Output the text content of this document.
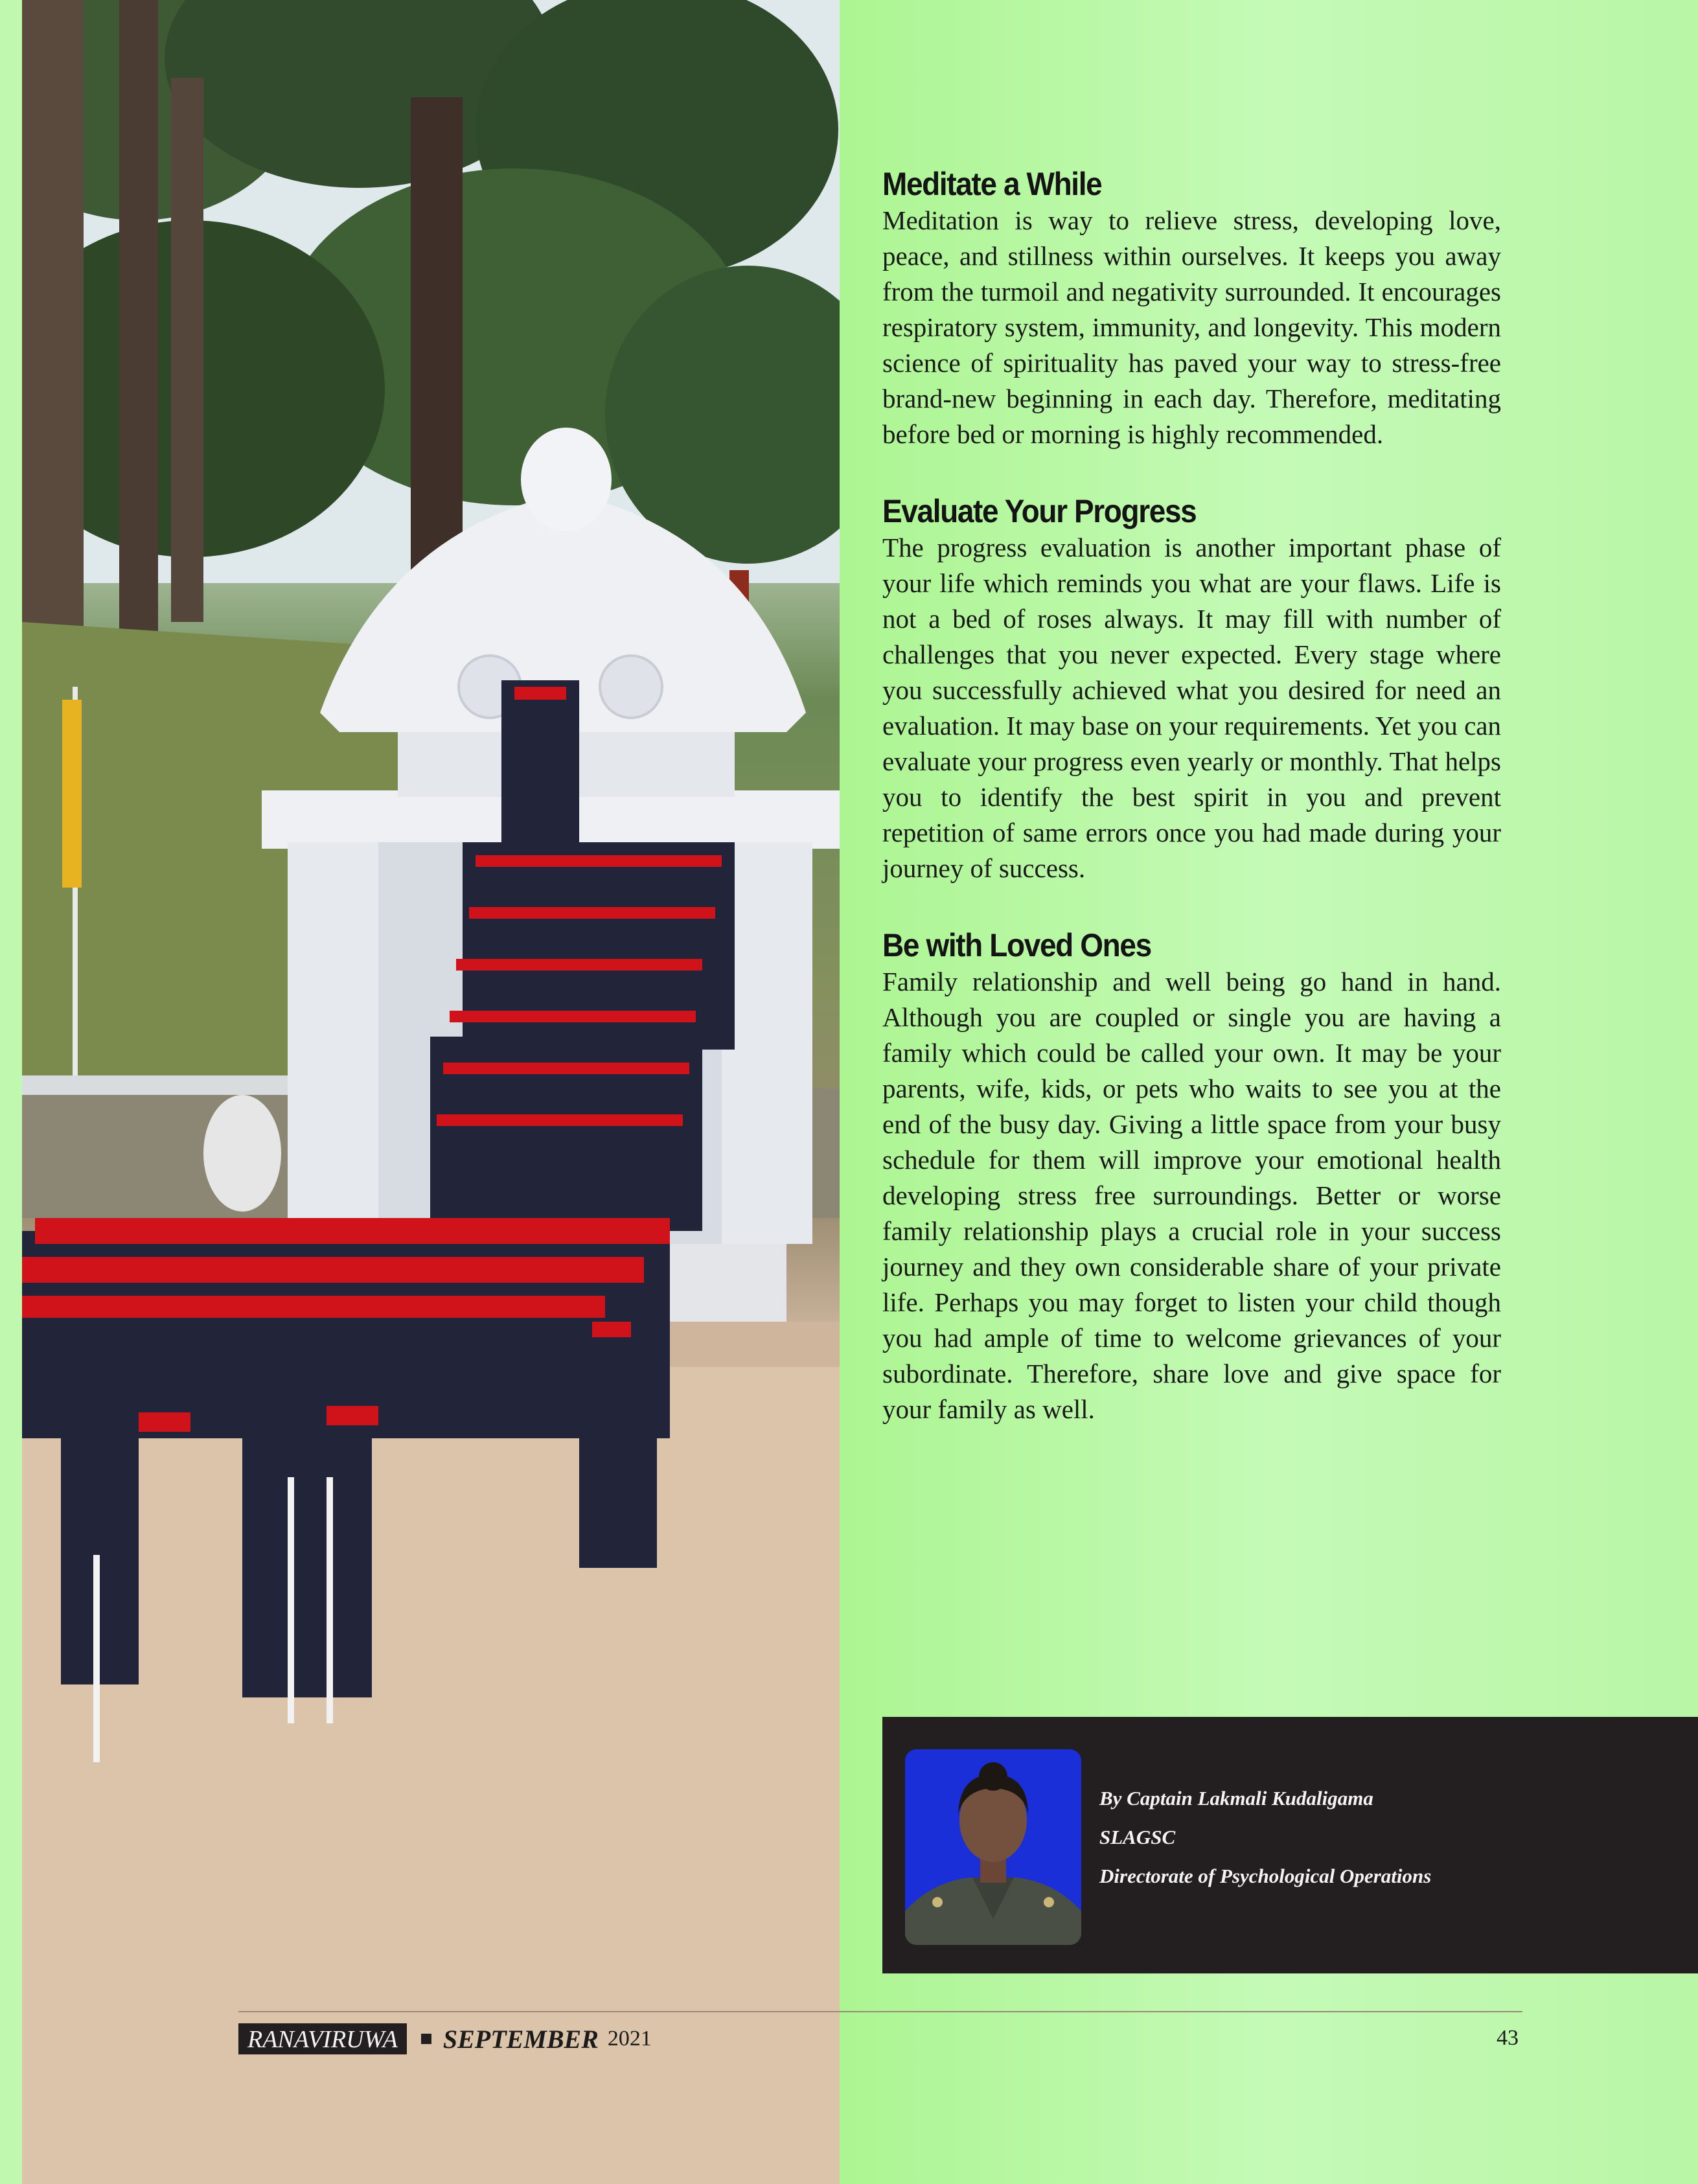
Meditate a While

Meditation is way to relieve stress, developing love, peace, and stillness within ourselves. It keeps you away from the turmoil and negativity surrounded. It encourages respiratory system, immunity, and longevity. This modern science of spirituality has paved your way to stress-free brand-new beginning in each day. Therefore, meditating before bed or morning is highly recommended.

Evaluate Your Progress

The progress evaluation is another important phase of your life which reminds you what are your flaws. Life is not a bed of roses always. It may fill with number of challenges that you never expected. Every stage where you successfully achieved what you desired for need an evaluation. It may base on your requirements. Yet you can evaluate your progress even yearly or monthly. That helps you to identify the best spirit in you and prevent repetition of same errors once you had made during your journey of success.

Be with Loved Ones

Family relationship and well being go hand in hand. Although you are coupled or single you are having a family which could be called your own. It may be your parents, wife, kids, or pets who waits to see you at the end of the busy day. Giving a little space from your busy schedule for them will improve your emotional health developing stress free surroundings. Better or worse family relationship plays a crucial role in your success journey and they own considerable share of your private life. Perhaps you may forget to listen your child though you had ample of time to welcome grievances of your subordinate. Therefore, share love and give space for your family as well.

By Captain Lakmali Kudaligama
SLAGSC
Directorate of Psychological Operations
RANAVIRUWA	SEPTEMBER 2021	43
